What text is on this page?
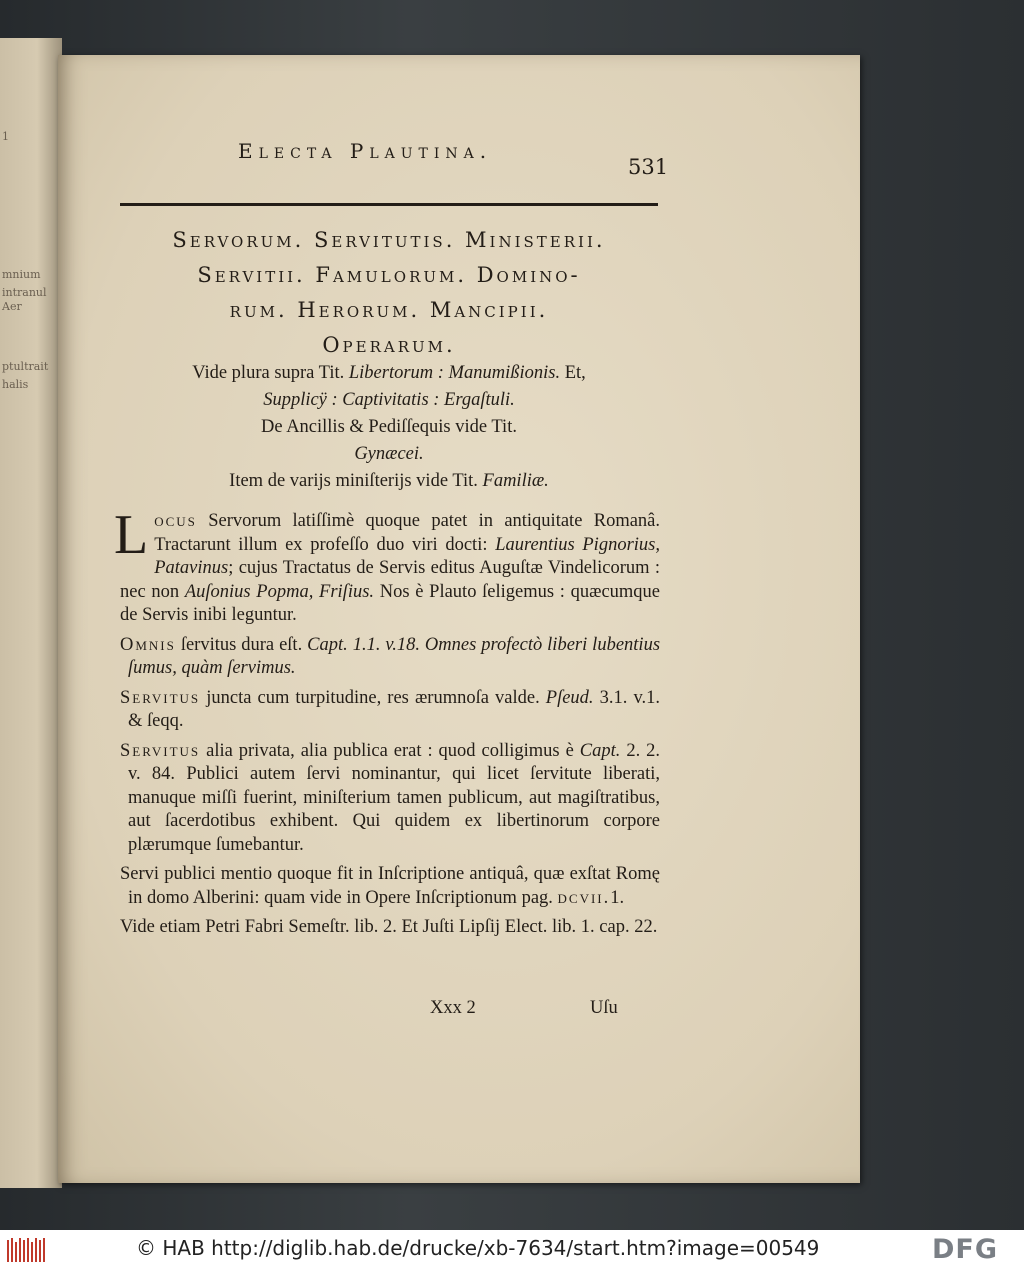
1
mnium
intranul
Aer
ptultrait
halis
Electa Plautina.
531
Servorum. Servitutis. Ministerii.
Servitii. Famulorum. Domino-
rum. Herorum. Mancipii.
Operarum.
Vide plura supra Tit. Libertorum : Manumißionis. Et,
Supplicÿ : Captivitatis : Ergaſtuli.
De Ancillis & Pediſſequis vide Tit.
Gynæcei.
Item de varijs miniſterijs vide Tit. Familiæ.

Locus Servorum latiſſimè quoque patet in antiquitate Romanâ. Tractarunt illum ex profeſſo duo viri docti: Laurentius Pignorius, Patavinus; cujus Tractatus de Servis editus Auguſtæ Vindelicorum : nec non Auſonius Popma, Friſius. Nos è Plauto ſeligemus : quæcumque de Servis inibi leguntur.

Omnis ſervitus dura eſt. Capt. 1.1. v.18. Omnes profectò liberi lubentius ſumus, quàm ſervimus.

Servitus juncta cum turpitudine, res ærumnoſa valde. Pſeud. 3.1. v.1. & ſeqq.

Servitus alia privata, alia publica erat : quod colligimus è Capt. 2. 2. v. 84. Publici autem ſervi nominantur, qui licet ſervitute liberati, manuque miſſi fuerint, miniſterium tamen publicum, aut magiſtratibus, aut ſacerdotibus exhibent. Qui quidem ex libertinorum corpore plærumque ſumebantur.

Servi publici mentio quoque fit in Inſcriptione antiquâ, quæ exſtat Romę in domo Alberini: quam vide in Opere Inſcriptionum pag. dcvii.1.

Vide etiam Petri Fabri Semeſtr. lib. 2. Et Juſti Lipſij Elect. lib. 1. cap. 22.

Xxx 2	Uſu
© HAB http://diglib.hab.de/drucke/xb-7634/start.htm?image=00549	DFG
